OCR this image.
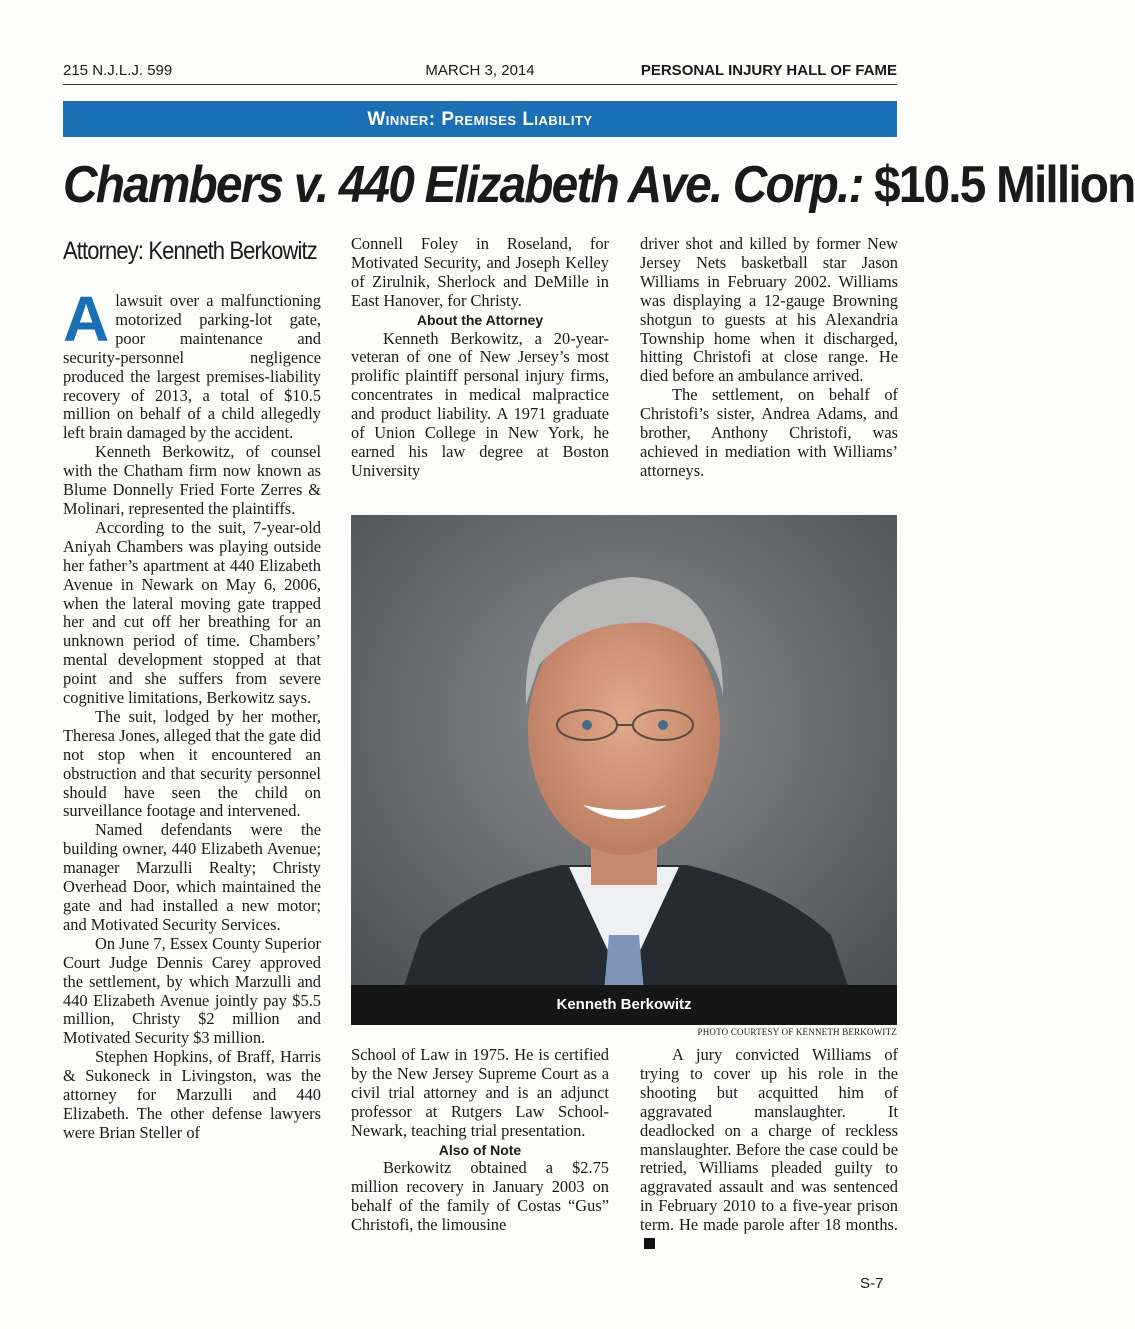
215 N.J.L.J. 599	MARCH 3, 2014	PERSONAL INJURY HALL OF FAME
Winner: Premises Liability
Chambers v. 440 Elizabeth Ave. Corp.: $10.5 Million
Attorney: Kenneth Berkowitz

Alawsuit over a malfunctioning motorized parking-lot gate, poor maintenance and security-personnel negligence produced the largest premises-liability recovery of 2013, a total of $10.5 million on behalf of a child allegedly left brain damaged by the accident.

Kenneth Berkowitz, of counsel with the Chatham firm now known as Blume Donnelly Fried Forte Zerres & Molinari, represented the plaintiffs.

According to the suit, 7-year-old Aniyah Chambers was playing outside her father’s apartment at 440 Elizabeth Avenue in Newark on May 6, 2006, when the lateral moving gate trapped her and cut off her breathing for an unknown period of time. Chambers’ mental development stopped at that point and she suffers from severe cognitive limitations, Berkowitz says.

The suit, lodged by her mother, Theresa Jones, alleged that the gate did not stop when it encountered an obstruction and that security personnel should have seen the child on surveillance footage and intervened.

Named defendants were the building owner, 440 Elizabeth Avenue; manager Marzulli Realty; Christy Overhead Door, which maintained the gate and had installed a new motor; and Motivated Security Services.

On June 7, Essex County Superior Court Judge Dennis Carey approved the settlement, by which Marzulli and 440 Elizabeth Avenue jointly pay $5.5 million, Christy $2 million and Motivated Security $3 million.

Stephen Hopkins, of Braff, Harris & Sukoneck in Livingston, was the attorney for Marzulli and 440 Elizabeth. The other defense lawyers were Brian Steller of

Connell Foley in Roseland, for Motivated Security, and Joseph Kelley of Zirulnik, Sherlock and DeMille in East Hanover, for Christy.

About the Attorney

Kenneth Berkowitz, a 20-year-veteran of one of New Jersey’s most prolific plaintiff personal injury firms, concentrates in medical malpractice and product liability. A 1971 graduate of Union College in New York, he earned his law degree at Boston University

driver shot and killed by former New Jersey Nets basketball star Jason Williams in February 2002. Williams was displaying a 12-gauge Browning shotgun to guests at his Alexandria Township home when it discharged, hitting Christofi at close range. He died before an ambulance arrived.

The settlement, on behalf of Christofi’s sister, Andrea Adams, and brother, Anthony Christofi, was achieved in mediation with Williams’ attorneys.

Kenneth Berkowitz
PHOTO COURTESY OF KENNETH BERKOWITZ

School of Law in 1975. He is certified by the New Jersey Supreme Court as a civil trial attorney and is an adjunct professor at Rutgers Law School-Newark, teaching trial presentation.

Also of Note

Berkowitz obtained a $2.75 million recovery in January 2003 on behalf of the family of Costas “Gus” Christofi, the limousine

A jury convicted Williams of trying to cover up his role in the shooting but acquitted him of aggravated manslaughter. It deadlocked on a charge of reckless manslaughter. Before the case could be retried, Williams pleaded guilty to aggravated assault and was sentenced in February 2010 to a five-year prison term. He made parole after 18 months.

S-7
